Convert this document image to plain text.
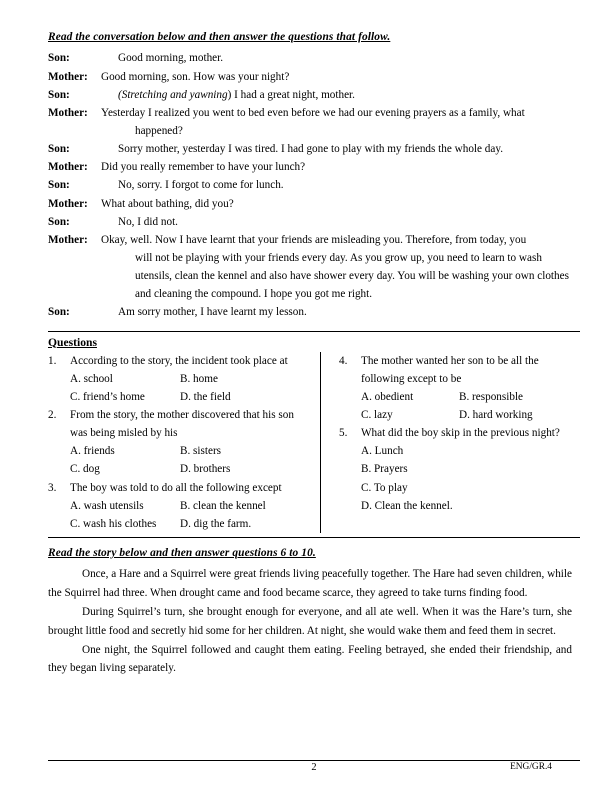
Read the conversation below and then answer the questions that follow.
Son:	Good morning, mother.
Mother:	Good morning, son. How was your night?
Son:	(Stretching and yawning) I had a great night, mother.
Mother:	Yesterday I realized you went to bed even before we had our evening prayers as a family, what
happened?
Son:	Sorry mother, yesterday I was tired. I had gone to play with my friends the whole day.
Mother:	Did you really remember to have your lunch?
Son:	No, sorry. I forgot to come for lunch.
Mother:	What about bathing, did you?
Son:	No, I did not.
Mother:	Okay, well. Now I have learnt that your friends are misleading you. Therefore, from today, you
will not be playing with your friends every day. As you grow up, you need to learn to wash utensils, clean the kennel and also have shower every day. You will be washing your own clothes and cleaning the compound. I hope you got me right.
Son:	Am sorry mother, I have learnt my lesson.
Questions
1.	According to the story, the incident took place at
A. school	B. home
C. friend’s home	D. the field
2.	From the story, the mother discovered that his son was being misled by his
A. friends	B. sisters
C. dog	D. brothers
3.	The boy was told to do all the following except
A. wash utensils	B. clean the kennel
C. wash his clothes	D. dig the farm.
4.	The mother wanted her son to be all the following except to be
A. obedient	B. responsible
C. lazy	D. hard working
5.	What did the boy skip in the previous night?
A. Lunch
B. Prayers
C. To play
D. Clean the kennel.
Read the story below and then answer questions 6 to 10.

Once, a Hare and a Squirrel were great friends living peacefully together. The Hare had seven children, while the Squirrel had three. When drought came and food became scarce, they agreed to take turns finding food.

During Squirrel’s turn, she brought enough for everyone, and all ate well. When it was the Hare’s turn, she brought little food and secretly hid some for her children. At night, she would wake them and feed them in secret.

One night, the Squirrel followed and caught them eating. Feeling betrayed, she ended their friendship, and they began living separately.

2	ENG/GR.4
